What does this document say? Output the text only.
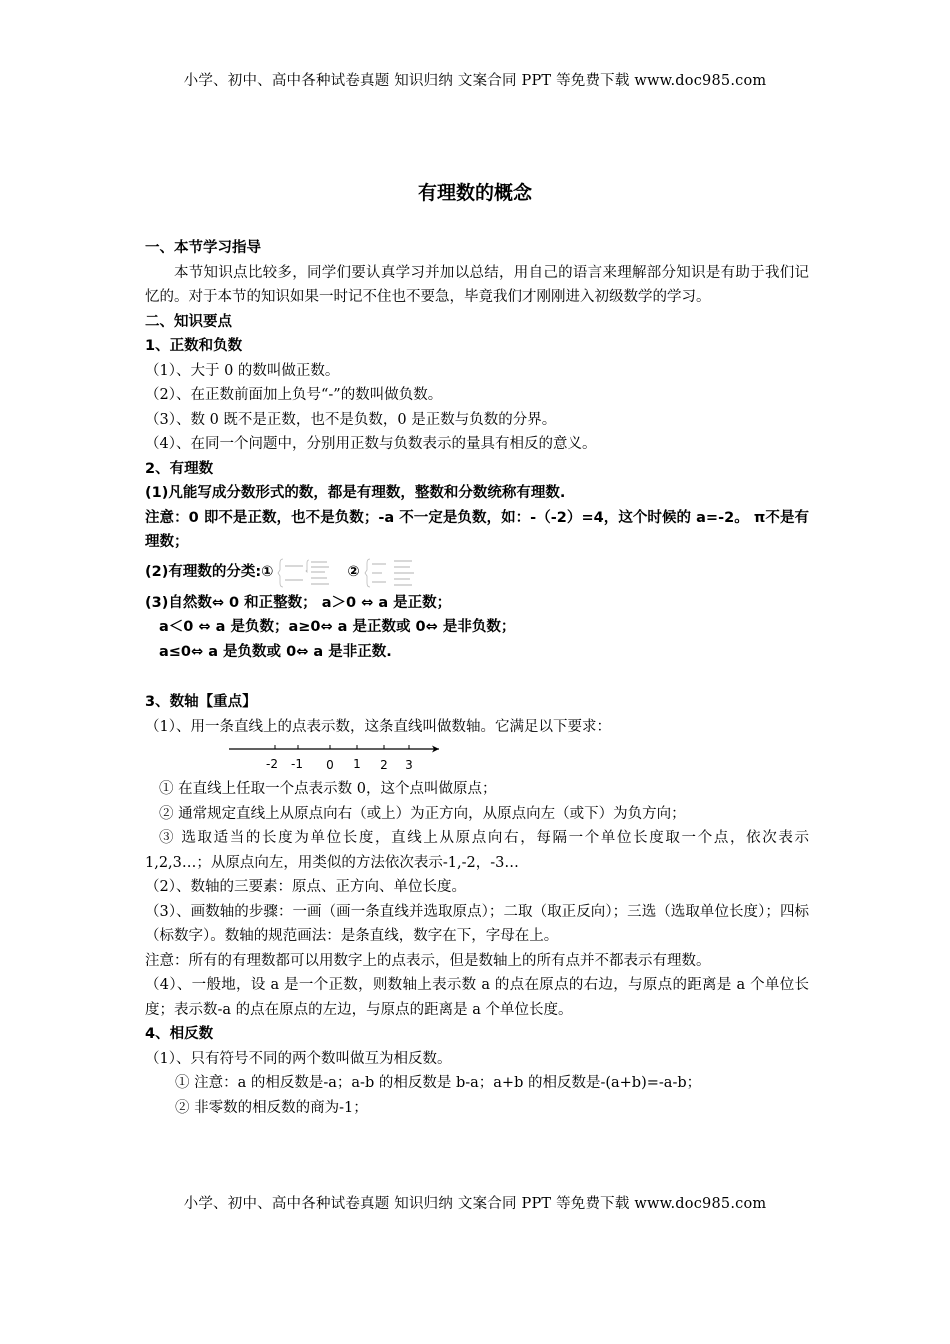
小学、初中、高中各种试卷真题 知识归纳 文案合同 PPT 等免费下载 www.doc985.com
有理数的概念

一、本节学习指导

本节知识点比较多，同学们要认真学习并加以总结，用自己的语言来理解部分知识是有助于我们记忆的。对于本节的知识如果一时记不住也不要急，毕竟我们才刚刚进入初级数学的学习。

二、知识要点

1、正数和负数

（1）、大于 0 的数叫做正数。

（2）、在正数前面加上负号“-”的数叫做负数。

（3）、数 0 既不是正数，也不是负数，0 是正数与负数的分界。

（4）、在同一个问题中，分别用正数与负数表示的量具有相反的意义。

2、有理数

(1)凡能写成分数形式的数，都是有理数，整数和分数统称有理数.

注意：0 即不是正数，也不是负数；-a 不一定是负数，如：-（-2）=4，这个时候的 a=-2。 π不是有理数；

(2)有理数的分类:①	②

(3)自然数⇔ 0 和正整数； a＞0 ⇔ a 是正数；

a＜0 ⇔ a 是负数；a≥0⇔ a 是正数或 0⇔ 是非负数；

a≤0⇔ a 是负数或 0⇔ a 是非正数.

3、数轴【重点】

（1）、用一条直线上的点表示数，这条直线叫做数轴。它满足以下要求：

-2 -1 0 1 2 3

① 在直线上任取一个点表示数 0，这个点叫做原点；

② 通常规定直线上从原点向右（或上）为正方向，从原点向左（或下）为负方向；

③ 选取适当的长度为单位长度，直线上从原点向右，每隔一个单位长度取一个点，依次表示 1,2,3…；从原点向左，用类似的方法依次表示-1,-2，-3…

（2）、数轴的三要素：原点、正方向、单位长度。

（3）、画数轴的步骤：一画（画一条直线并选取原点）；二取（取正反向）；三选（选取单位长度）；四标（标数字）。数轴的规范画法：是条直线，数字在下，字母在上。

注意：所有的有理数都可以用数字上的点表示，但是数轴上的所有点并不都表示有理数。

（4）、一般地，设 a 是一个正数，则数轴上表示数 a 的点在原点的右边，与原点的距离是 a 个单位长度；表示数-a 的点在原点的左边，与原点的距离是 a 个单位长度。

4、相反数

（1）、只有符号不同的两个数叫做互为相反数。

① 注意：a 的相反数是-a；a-b 的相反数是 b-a；a+b 的相反数是-(a+b)=-a-b；

② 非零数的相反数的商为-1；

小学、初中、高中各种试卷真题 知识归纳 文案合同 PPT 等免费下载 www.doc985.com
